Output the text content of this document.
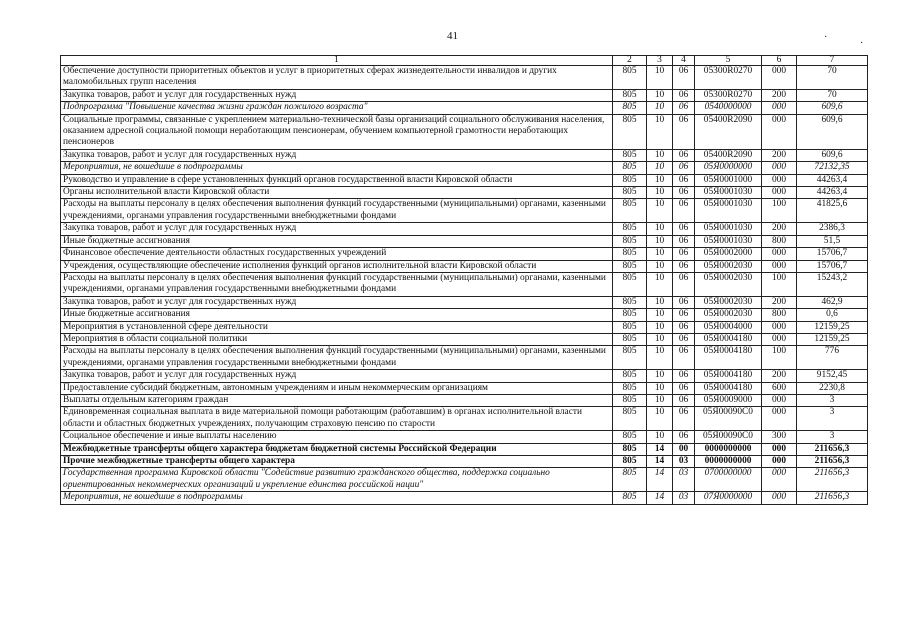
41	·
·
1	2	3	4	5	6	7
Обеспечение доступности приоритетных объектов и услуг в приоритетных сферах жизнедеятельности инвалидов и других маломобильных групп населения	805	10	06	05300R0270	000	70
Закупка товаров, работ и услуг для государственных нужд	805	10	06	05300R0270	200	70
Подпрограмма "Повышение качества жизни граждан пожилого возраста"	805	10	06	0540000000	000	609,6
Социальные программы, связанные с укреплением материально-технической базы организаций социального обслуживания населения, оказанием адресной социальной помощи неработающим пенсионерам, обучением компьютерной грамотности неработающих пенсионеров	805	10	06	05400R2090	000	609,6
Закупка товаров, работ и услуг для государственных нужд	805	10	06	05400R2090	200	609,6
Мероприятия, не вошедшие в подпрограммы	805	10	06	05Я0000000	000	72132,35
Руководство и управление в сфере установленных функций органов государственной власти Кировской области	805	10	06	05Я0001000	000	44263,4
Органы исполнительной власти Кировской области	805	10	06	05Я0001030	000	44263,4
Расходы на выплаты персоналу в целях обеспечения выполнения функций государственными (муниципальными) органами, казенными учреждениями, органами управления государственными внебюджетными фондами	805	10	06	05Я0001030	100	41825,6
Закупка товаров, работ и услуг для государственных нужд	805	10	06	05Я0001030	200	2386,3
Иные бюджетные ассигнования	805	10	06	05Я0001030	800	51,5
Финансовое обеспечение деятельности областных государственных учреждений	805	10	06	05Я0002000	000	15706,7
Учреждения, осуществляющие обеспечение исполнения функций органов исполнительной власти Кировской области	805	10	06	05Я0002030	000	15706,7
Расходы на выплаты персоналу в целях обеспечения выполнения функций государственными (муниципальными) органами, казенными учреждениями, органами управления государственными внебюджетными фондами	805	10	06	05Я0002030	100	15243,2
Закупка товаров, работ и услуг для государственных нужд	805	10	06	05Я0002030	200	462,9
Иные бюджетные ассигнования	805	10	06	05Я0002030	800	0,6
Мероприятия в установленной сфере деятельности	805	10	06	05Я0004000	000	12159,25
Мероприятия в области социальной политики	805	10	06	05Я0004180	000	12159,25
Расходы на выплаты персоналу в целях обеспечения выполнения функций государственными (муниципальными) органами, казенными учреждениями, органами управления государственными внебюджетными фондами	805	10	06	05Я0004180	100	776
Закупка товаров, работ и услуг для государственных нужд	805	10	06	05Я0004180	200	9152,45
Предоставление субсидий бюджетным, автономным учреждениям и иным некоммерческим организациям	805	10	06	05Я0004180	600	2230,8
Выплаты отдельным категориям граждан	805	10	06	05Я0009000	000	3
Единовременная социальная выплата в виде материальной помощи работающим (работавшим) в органах исполнительной власти области и областных бюджетных учреждениях, получающим страховую пенсию по старости	805	10	06	05Я00090С0	000	3
Социальное обеспечение и иные выплаты населению	805	10	06	05Я00090С0	300	3
Межбюджетные трансферты общего характера бюджетам бюджетной системы Российской Федерации	805	14	00	0000000000	000	211656,3
Прочие межбюджетные трансферты общего характера	805	14	03	0000000000	000	211656,3
Государственная программа Кировской области "Содействие развитию гражданского общества, поддержка социально ориентированных некоммерческих организаций и укрепление единства российской нации"	805	14	03	0700000000	000	211656,3
Мероприятия, не вошедшие в подпрограммы	805	14	03	07Я0000000	000	211656,3
